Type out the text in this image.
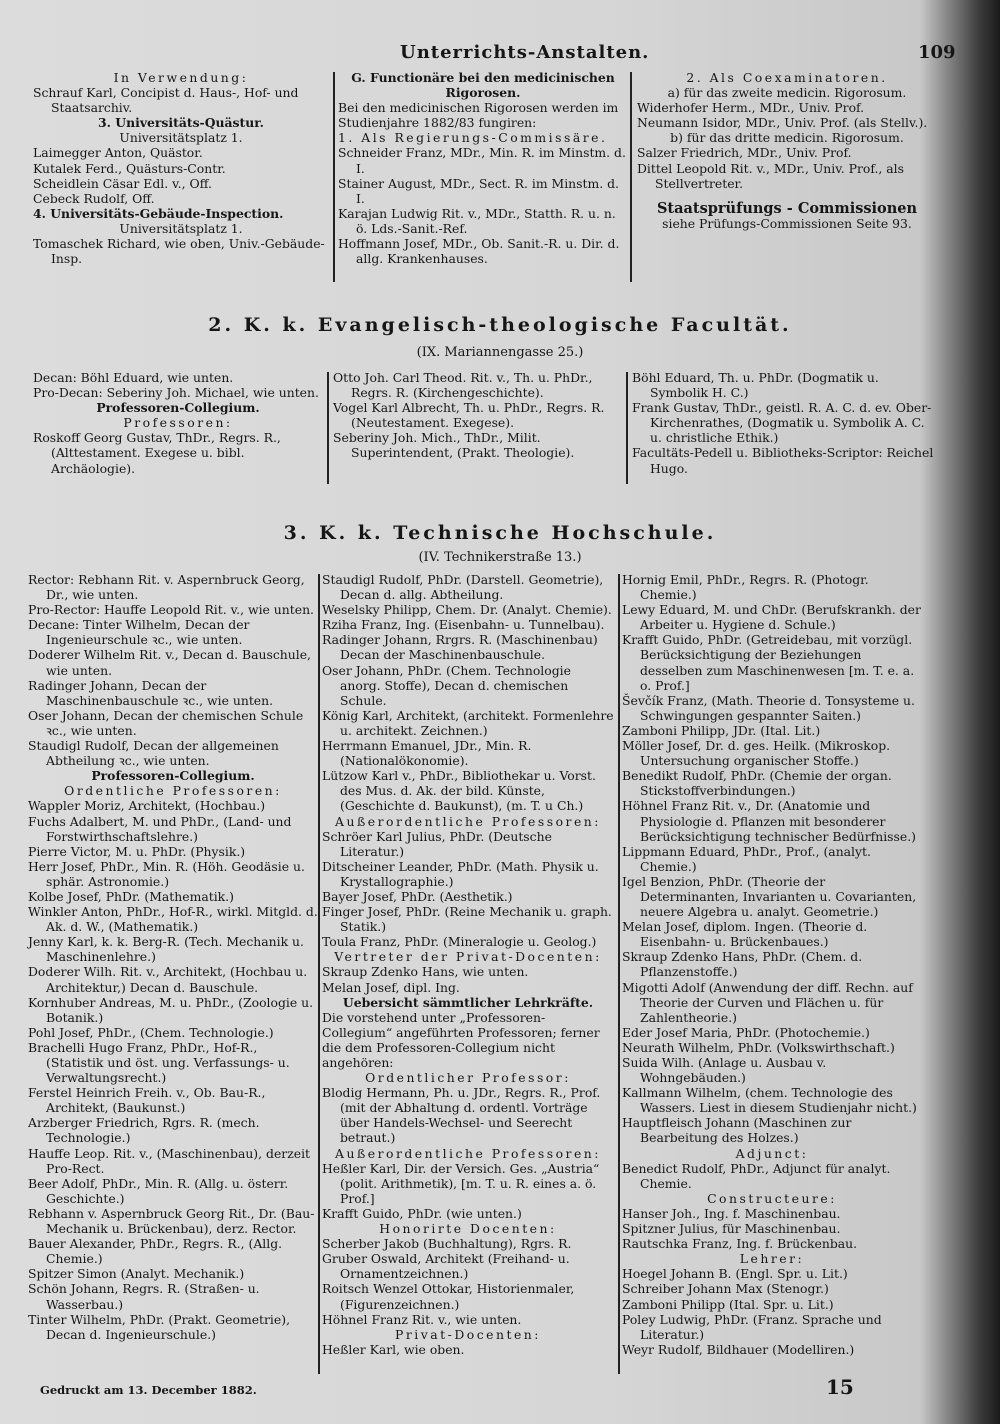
Unterrichts-Anstalten.	109

In Verwendung:

Schrauf Karl, Concipist d. Haus-, Hof- und Staatsarchiv.

3. Universitäts-Quästur.

Universitätsplatz 1.

Laimegger Anton, Quästor.

Kutalek Ferd., Quästurs-Contr.

Scheidlein Cäsar Edl. v., Off.

Cebeck Rudolf, Off.

4. Universitäts-Gebäude-Inspection.

Universitätsplatz 1.

Tomaschek Richard, wie oben, Univ.-Gebäude-Insp.

G. Functionäre bei den medicinischen Rigorosen.

Bei den medicinischen Rigorosen werden im Studienjahre 1882/83 fungiren:

1. Als Regierungs-Commissäre.

Schneider Franz, MDr., Min. R. im Minstm. d. I.

Stainer August, MDr., Sect. R. im Minstm. d. I.

Karajan Ludwig Rit. v., MDr., Statth. R. u. n. ö. Lds.-Sanit.-Ref.

Hoffmann Josef, MDr., Ob. Sanit.-R. u. Dir. d. allg. Krankenhauses.

2. Als Coexaminatoren.

a) für das zweite medicin. Rigorosum.

Widerhofer Herm., MDr., Univ. Prof.

Neumann Isidor, MDr., Univ. Prof. (als Stellv.).

b) für das dritte medicin. Rigorosum.

Salzer Friedrich, MDr., Univ. Prof.

Dittel Leopold Rit. v., MDr., Univ. Prof., als Stellvertreter.

Staatsprüfungs - Commissionen

siehe Prüfungs-Commissionen Seite 93.

2. K. k. Evangelisch-theologische Facultät.
(IX. Mariannengasse 25.)

Decan: Böhl Eduard, wie unten.

Pro-Decan: Seberiny Joh. Michael, wie unten.

Professoren-Collegium.

Professoren:

Roskoff Georg Gustav, ThDr., Regrs. R., (Alttestament. Exegese u. bibl. Archäologie).

Otto Joh. Carl Theod. Rit. v., Th. u. PhDr., Regrs. R. (Kirchengeschichte).

Vogel Karl Albrecht, Th. u. PhDr., Regrs. R. (Neutestament. Exegese).

Seberiny Joh. Mich., ThDr., Milit. Superintendent, (Prakt. Theologie).

Böhl Eduard, Th. u. PhDr. (Dogmatik u. Symbolik H. C.)

Frank Gustav, ThDr., geistl. R. A. C. d. ev. Ober-Kirchenrathes, (Dogmatik u. Symbolik A. C. u. christliche Ethik.)

Facultäts-Pedell u. Bibliotheks-Scriptor: Reichel Hugo.

3. K. k. Technische Hochschule.
(IV. Technikerstraße 13.)

Rector: Rebhann Rit. v. Aspernbruck Georg, Dr., wie unten.

Pro-Rector: Hauffe Leopold Rit. v., wie unten.

Decane: Tinter Wilhelm, Decan der Ingenieurschule ꝛc., wie unten.

Doderer Wilhelm Rit. v., Decan d. Bauschule, wie unten.

Radinger Johann, Decan der Maschinenbauschule ꝛc., wie unten.

Oser Johann, Decan der chemischen Schule ꝛc., wie unten.

Staudigl Rudolf, Decan der allgemeinen Abtheilung ꝛc., wie unten.

Professoren-Collegium.

Ordentliche Professoren:

Wappler Moriz, Architekt, (Hochbau.)

Fuchs Adalbert, M. und PhDr., (Land- und Forstwirthschaftslehre.)

Pierre Victor, M. u. PhDr. (Physik.)

Herr Josef, PhDr., Min. R. (Höh. Geodäsie u. sphär. Astronomie.)

Kolbe Josef, PhDr. (Mathematik.)

Winkler Anton, PhDr., Hof-R., wirkl. Mitgld. d. Ak. d. W., (Mathematik.)

Jenny Karl, k. k. Berg-R. (Tech. Mechanik u. Maschinenlehre.)

Doderer Wilh. Rit. v., Architekt, (Hochbau u. Architektur,) Decan d. Bauschule.

Kornhuber Andreas, M. u. PhDr., (Zoologie u. Botanik.)

Pohl Josef, PhDr., (Chem. Technologie.)

Brachelli Hugo Franz, PhDr., Hof-R., (Statistik und öst. ung. Verfassungs- u. Verwaltungsrecht.)

Ferstel Heinrich Freih. v., Ob. Bau-R., Architekt, (Baukunst.)

Arzberger Friedrich, Rgrs. R. (mech. Technologie.)

Hauffe Leop. Rit. v., (Maschinenbau), derzeit Pro-Rect.

Beer Adolf, PhDr., Min. R. (Allg. u. österr. Geschichte.)

Rebhann v. Aspernbruck Georg Rit., Dr. (Bau-Mechanik u. Brückenbau), derz. Rector.

Bauer Alexander, PhDr., Regrs. R., (Allg. Chemie.)

Spitzer Simon (Analyt. Mechanik.)

Schön Johann, Regrs. R. (Straßen- u. Wasserbau.)

Tinter Wilhelm, PhDr. (Prakt. Geometrie), Decan d. Ingenieurschule.)

Staudigl Rudolf, PhDr. (Darstell. Geometrie), Decan d. allg. Abtheilung.

Weselsky Philipp, Chem. Dr. (Analyt. Chemie).

Rziha Franz, Ing. (Eisenbahn- u. Tunnelbau).

Radinger Johann, Rrgrs. R. (Maschinenbau) Decan der Maschinenbauschule.

Oser Johann, PhDr. (Chem. Technologie anorg. Stoffe), Decan d. chemischen Schule.

König Karl, Architekt, (architekt. Formenlehre u. architekt. Zeichnen.)

Herrmann Emanuel, JDr., Min. R. (Nationalökonomie).

Lützow Karl v., PhDr., Bibliothekar u. Vorst. des Mus. d. Ak. der bild. Künste, (Geschichte d. Baukunst), (m. T. u Ch.)

Außerordentliche Professoren:

Schröer Karl Julius, PhDr. (Deutsche Literatur.)

Ditscheiner Leander, PhDr. (Math. Physik u. Krystallographie.)

Bayer Josef, PhDr. (Aesthetik.)

Finger Josef, PhDr. (Reine Mechanik u. graph. Statik.)

Toula Franz, PhDr. (Mineralogie u. Geolog.)

Vertreter der Privat-Docenten:

Skraup Zdenko Hans, wie unten.

Melan Josef, dipl. Ing.

Uebersicht sämmtlicher Lehrkräfte.

Die vorstehend unter „Professoren-Collegium“ angeführten Professoren; ferner die dem Professoren-Collegium nicht angehören:

Ordentlicher Professor:

Blodig Hermann, Ph. u. JDr., Regrs. R., Prof. (mit der Abhaltung d. ordentl. Vorträge über Handels-Wechsel- und Seerecht betraut.)

Außerordentliche Professoren:

Heßler Karl, Dir. der Versich. Ges. „Austria“ (polit. Arithmetik), [m. T. u. R. eines a. ö. Prof.]

Krafft Guido, PhDr. (wie unten.)

Honorirte Docenten:

Scherber Jakob (Buchhaltung), Rgrs. R.

Gruber Oswald, Architekt (Freihand- u. Ornamentzeichnen.)

Roitsch Wenzel Ottokar, Historienmaler, (Figurenzeichnen.)

Höhnel Franz Rit. v., wie unten.

Privat-Docenten:

Heßler Karl, wie oben.

Hornig Emil, PhDr., Regrs. R. (Photogr. Chemie.)

Lewy Eduard, M. und ChDr. (Berufskrankh. der Arbeiter u. Hygiene d. Schule.)

Krafft Guido, PhDr. (Getreidebau, mit vorzügl. Berücksichtigung der Beziehungen desselben zum Maschinenwesen [m. T. e. a. o. Prof.]

Ševčík Franz, (Math. Theorie d. Tonsysteme u. Schwingungen gespannter Saiten.)

Zamboni Philipp, JDr. (Ital. Lit.)

Möller Josef, Dr. d. ges. Heilk. (Mikroskop. Untersuchung organischer Stoffe.)

Benedikt Rudolf, PhDr. (Chemie der organ. Stickstoffverbindungen.)

Höhnel Franz Rit. v., Dr. (Anatomie und Physiologie d. Pflanzen mit besonderer Berücksichtigung technischer Bedürfnisse.)

Lippmann Eduard, PhDr., Prof., (analyt. Chemie.)

Igel Benzion, PhDr. (Theorie der Determinanten, Invarianten u. Covarianten, neuere Algebra u. analyt. Geometrie.)

Melan Josef, diplom. Ingen. (Theorie d. Eisenbahn- u. Brückenbaues.)

Skraup Zdenko Hans, PhDr. (Chem. d. Pflanzenstoffe.)

Migotti Adolf (Anwendung der diff. Rechn. auf Theorie der Curven und Flächen u. für Zahlentheorie.)

Eder Josef Maria, PhDr. (Photochemie.)

Neurath Wilhelm, PhDr. (Volkswirthschaft.)

Suida Wilh. (Anlage u. Ausbau v. Wohngebäuden.)

Kallmann Wilhelm, (chem. Technologie des Wassers. Liest in diesem Studienjahr nicht.)

Hauptfleisch Johann (Maschinen zur Bearbeitung des Holzes.)

Adjunct:

Benedict Rudolf, PhDr., Adjunct für analyt. Chemie.

Constructeure:

Hanser Joh., Ing. f. Maschinenbau.

Spitzner Julius, für Maschinenbau.

Rautschka Franz, Ing. f. Brückenbau.

Lehrer:

Hoegel Johann B. (Engl. Spr. u. Lit.)

Schreiber Johann Max (Stenogr.)

Zamboni Philipp (Ital. Spr. u. Lit.)

Poley Ludwig, PhDr. (Franz. Sprache und Literatur.)

Weyr Rudolf, Bildhauer (Modelliren.)

Gedruckt am 13. December 1882.	15
